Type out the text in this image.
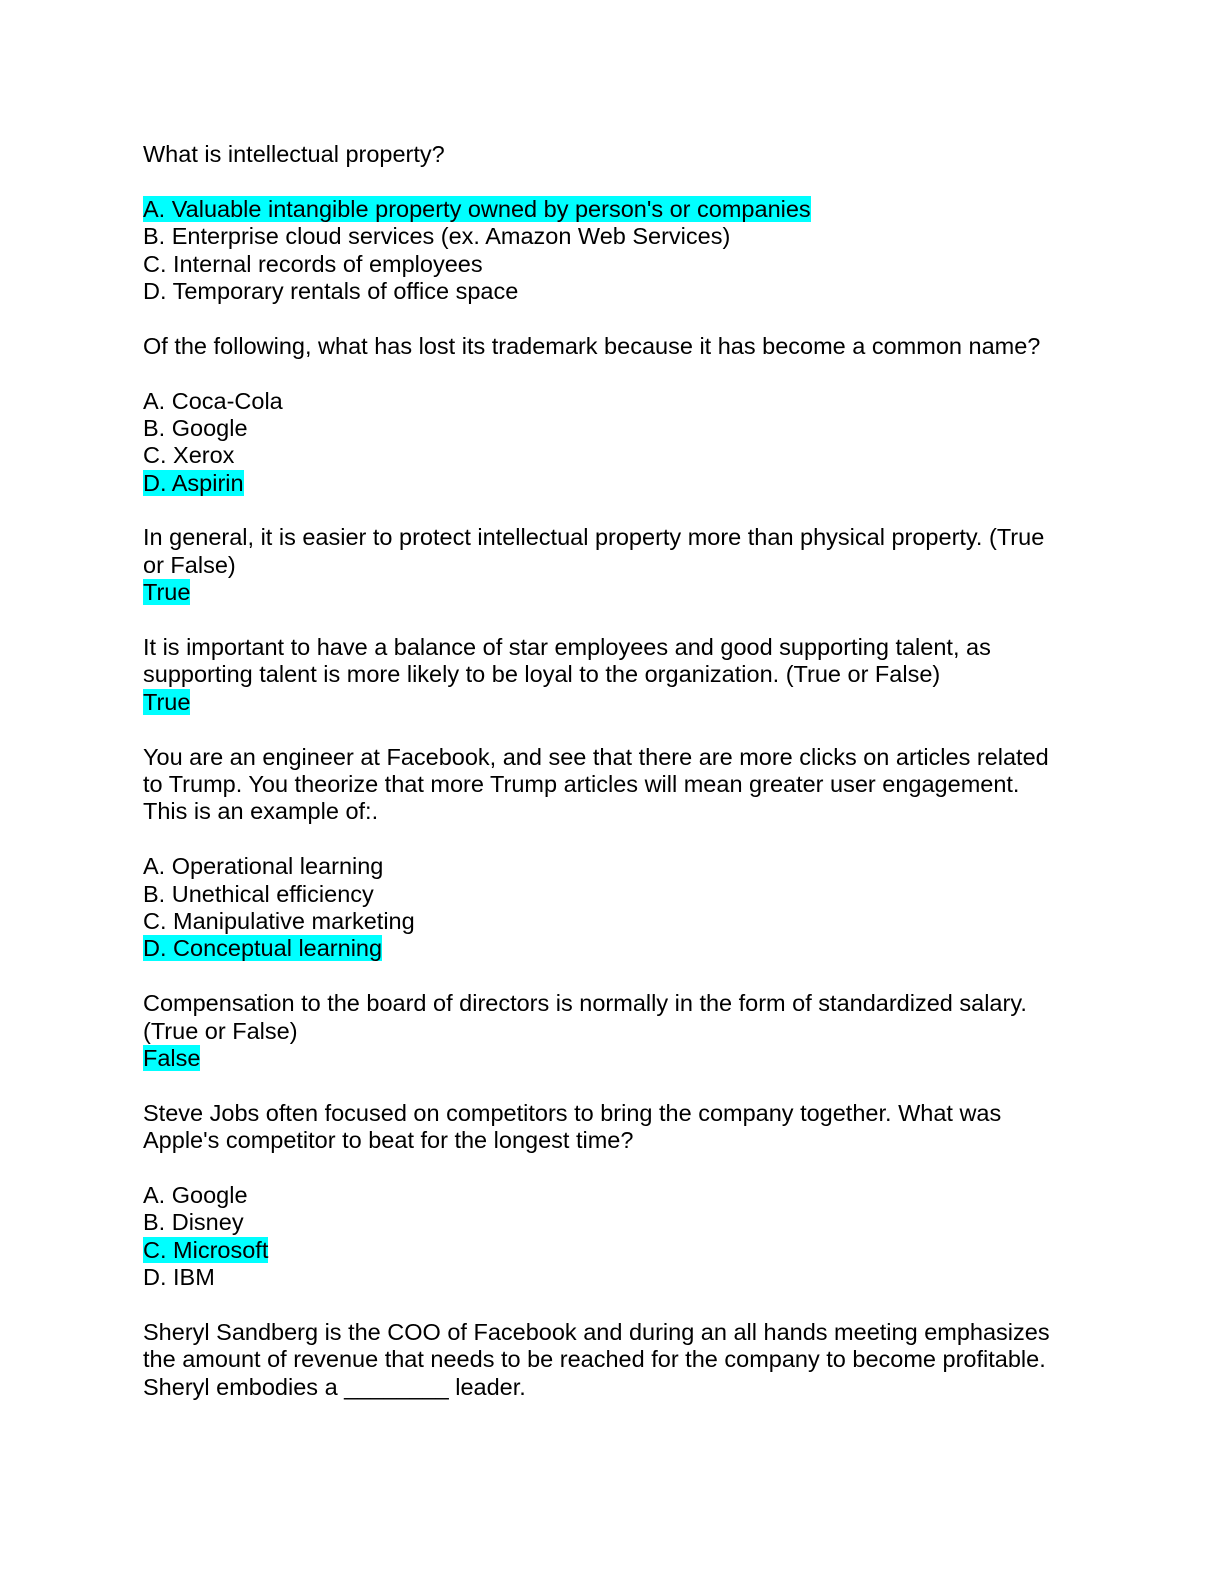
What is intellectual property?
A. Valuable intangible property owned by person's or companies
B. Enterprise cloud services (ex. Amazon Web Services)
C. Internal records of employees
D. Temporary rentals of office space
Of the following, what has lost its trademark because it has become a common name?
A. Coca-Cola
B. Google
C. Xerox
D. Aspirin
In general, it is easier to protect intellectual property more than physical property. (True
or False)
True
It is important to have a balance of star employees and good supporting talent, as
supporting talent is more likely to be loyal to the organization. (True or False)
True
You are an engineer at Facebook, and see that there are more clicks on articles related
to Trump. You theorize that more Trump articles will mean greater user engagement.
This is an example of:.
A. Operational learning
B. Unethical efficiency
C. Manipulative marketing
D. Conceptual learning
Compensation to the board of directors is normally in the form of standardized salary.
(True or False)
False
Steve Jobs often focused on competitors to bring the company together. What was
Apple's competitor to beat for the longest time?
A. Google
B. Disney
C. Microsoft
D. IBM
Sheryl Sandberg is the COO of Facebook and during an all hands meeting emphasizes
the amount of revenue that needs to be reached for the company to become profitable.
Sheryl embodies a ________ leader.
